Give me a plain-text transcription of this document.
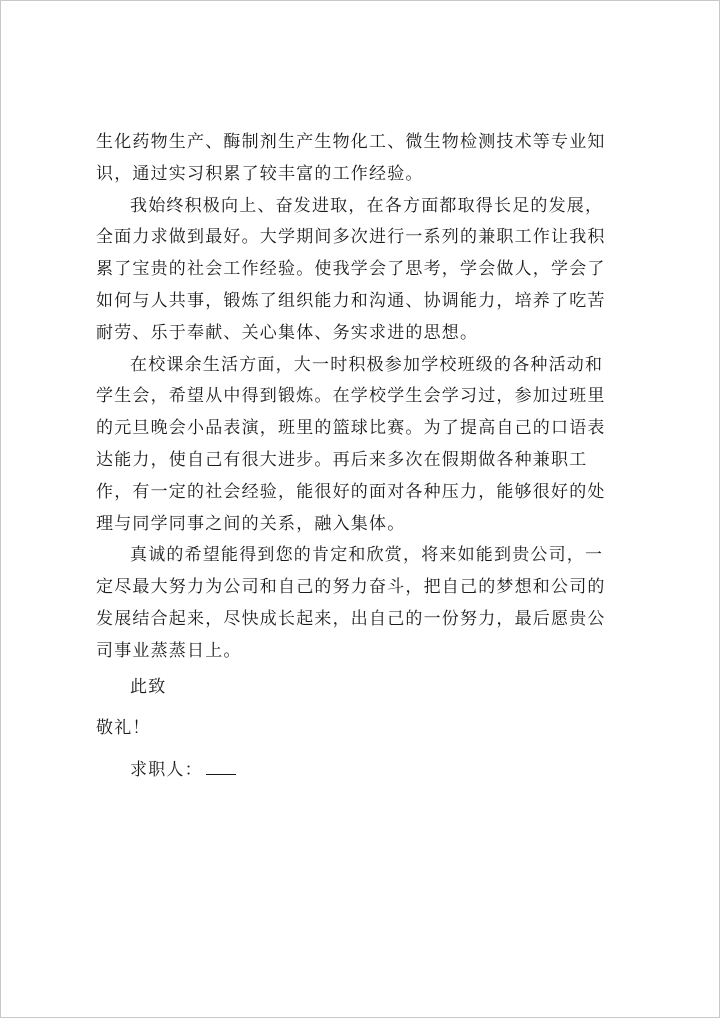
生化药物生产、酶制剂生产生物化工、微生物检测技术等专业知
识，通过实习积累了较丰富的工作经验。

我始终积极向上、奋发进取，在各方面都取得长足的发展，
全面力求做到最好。大学期间多次进行一系列的兼职工作让我积
累了宝贵的社会工作经验。使我学会了思考，学会做人，学会了
如何与人共事，锻炼了组织能力和沟通、协调能力，培养了吃苦
耐劳、乐于奉献、关心集体、务实求进的思想。

在校课余生活方面，大一时积极参加学校班级的各种活动和
学生会，希望从中得到锻炼。在学校学生会学习过，参加过班里
的元旦晚会小品表演，班里的篮球比赛。为了提高自己的口语表
达能力，使自己有很大进步。再后来多次在假期做各种兼职工
作，有一定的社会经验，能很好的面对各种压力，能够很好的处
理与同学同事之间的关系，融入集体。

真诚的希望能得到您的肯定和欣赏，将来如能到贵公司，一
定尽最大努力为公司和自己的努力奋斗，把自己的梦想和公司的
发展结合起来，尽快成长起来，出自己的一份努力，最后愿贵公
司事业蒸蒸日上。

此致

敬礼！

求职人：
